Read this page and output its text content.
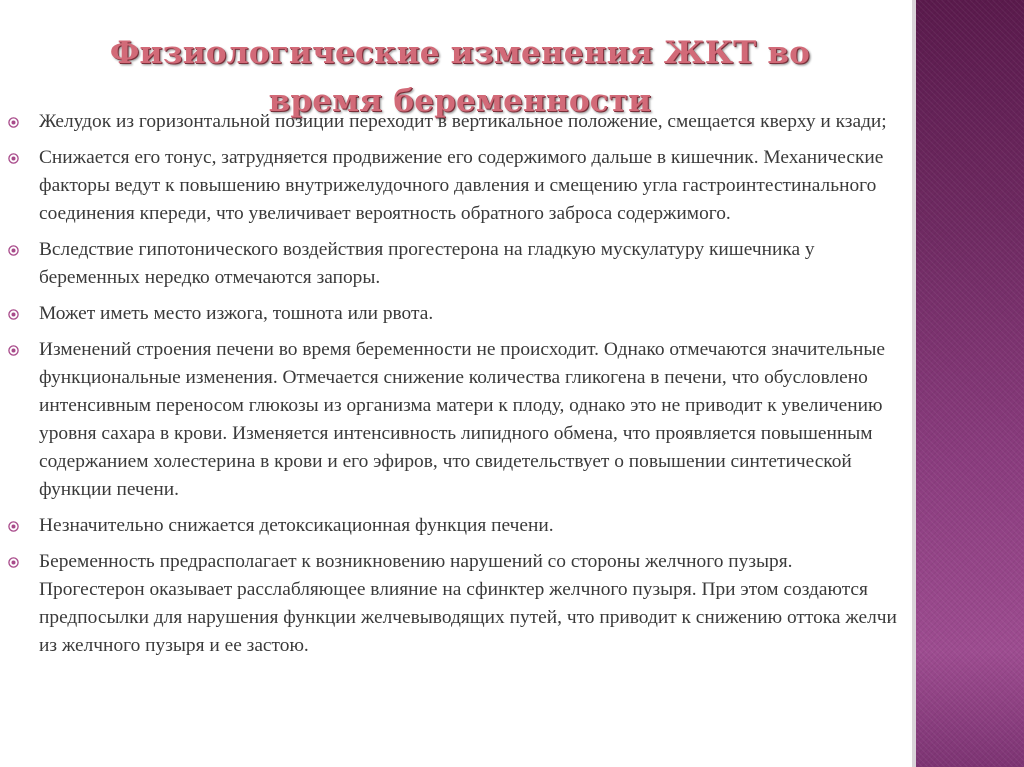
Физиологические изменения ЖКТ во
время беременности
Желудок из горизонтальной позиции переходит в вертикальное положение, смещается кверху и кзади;
Снижается его тонус, затрудняется продвижение его содержимого дальше в кишечник. Механические факторы ведут к повышению внутрижелудочного давления и смещению угла гастроинтестинального соединения кпереди, что увеличивает вероятность обратного заброса содержимого.
Вследствие гипотонического воздействия прогестерона на гладкую мускулатуру кишечника у беременных нередко отмечаются запоры.
Может иметь место изжога, тошнота или рвота.
Изменений строения печени во время беременности не происходит. Однако отмечаются значительные функциональные изменения. Отмечается снижение количества гликогена в печени, что обусловлено интенсивным переносом глюкозы из организма матери к плоду, однако это не приводит к увеличению уровня сахара в крови. Изменяется интенсивность липидного обмена, что проявляется повышенным содержанием холестерина в крови и его эфиров, что свидетельствует о повышении синтетической функции печени.
Незначительно снижается детоксикационная функция печени.
Беременность предрасполагает к возникновению нарушений со стороны желчного пузыря. Прогестерон оказывает расслабляющее влияние на сфинктер желчного пузыря. При этом создаются предпосылки для нарушения функции желчевыводящих путей, что приводит к снижению оттока желчи из желчного пузыря и ее застою.
